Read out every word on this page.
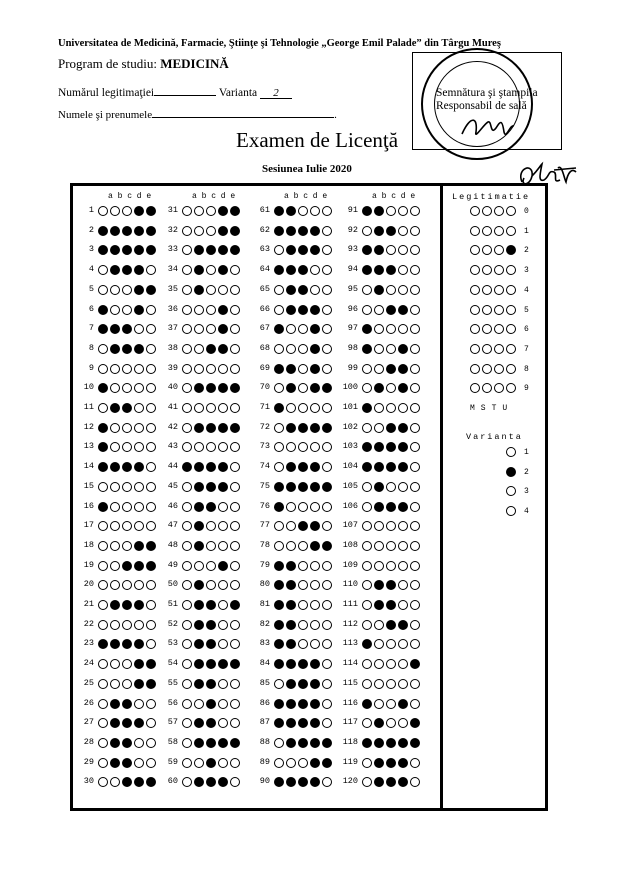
Universitatea de Medicină, Farmacie, Ştiinţe şi Tehnologie „George Emil Palade” din Târgu Mureş
Program de studiu: MEDICINĂ
Numărul legitimaţiei	Varianta 2
Numele şi prenumele	.
Examen de Licenţă
Sesiunea Iulie 2020
Semnătura şi ştampila
Responsabil de sală
a b c d e
1
2
3
4
5
6
7
8
9
10
11
12
13
14
15
16
17
18
19
20
21
22
23
24
25
26
27
28
29
30
a b c d e
31
32
33
34
35
36
37
38
39
40
41
42
43
44
45
46
47
48
49
50
51
52
53
54
55
56
57
58
59
60
a b c d e
61
62
63
64
65
66
67
68
69
70
71
72
73
74
75
76
77
78
79
80
81
82
83
84
85
86
87
88
89
90
a b c d e
91
92
93
94
95
96
97
98
99
100
101
102
103
104
105
106
107
108
109
110
111
112
113
114
115
116
117
118
119
120
Legitimatie
0
1
2
3
4
5
6
7
8
9
MSTU
Varianta
1
2
3
4
